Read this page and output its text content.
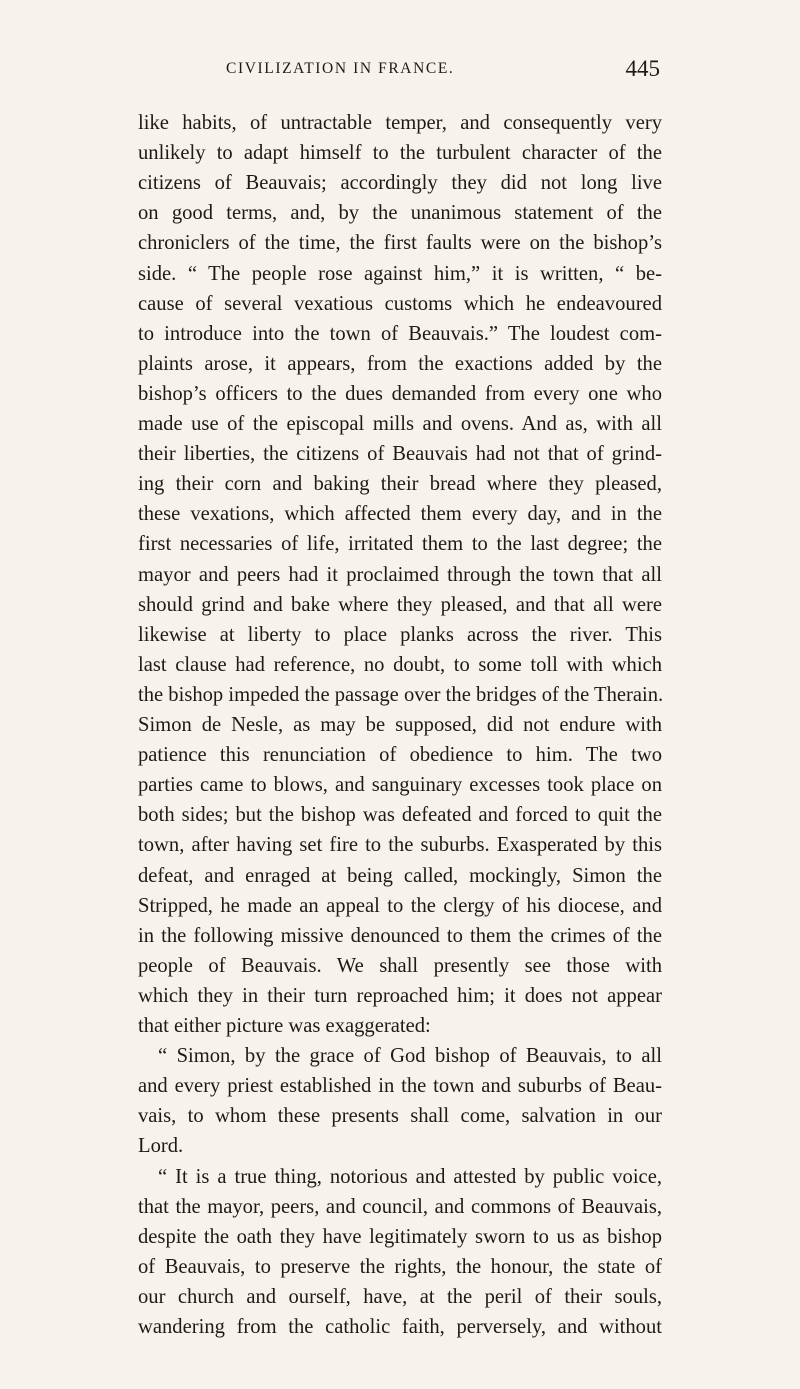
CIVILIZATION IN FRANCE.	445
like habits, of untractable temper, and consequently very
unlikely to adapt himself to the turbulent character of the
citizens of Beauvais; accordingly they did not long live
on good terms, and, by the unanimous statement of the
chroniclers of the time, the first faults were on the bishop’s
side. “ The people rose against him,” it is written, “ be-
cause of several vexatious customs which he endeavoured
to introduce into the town of Beauvais.” The loudest com-
plaints arose, it appears, from the exactions added by the
bishop’s officers to the dues demanded from every one who
made use of the episcopal mills and ovens. And as, with all
their liberties, the citizens of Beauvais had not that of grind-
ing their corn and baking their bread where they pleased,
these vexations, which affected them every day, and in the
first necessaries of life, irritated them to the last degree; the
mayor and peers had it proclaimed through the town that all
should grind and bake where they pleased, and that all were
likewise at liberty to place planks across the river. This
last clause had reference, no doubt, to some toll with which
the bishop impeded the passage over the bridges of the Therain.
Simon de Nesle, as may be supposed, did not endure with
patience this renunciation of obedience to him. The two
parties came to blows, and sanguinary excesses took place on
both sides; but the bishop was defeated and forced to quit the
town, after having set fire to the suburbs. Exasperated by this
defeat, and enraged at being called, mockingly, Simon the
Stripped, he made an appeal to the clergy of his diocese, and
in the following missive denounced to them the crimes of the
people of Beauvais. We shall presently see those with
which they in their turn reproached him; it does not appear
that either picture was exaggerated:
“ Simon, by the grace of God bishop of Beauvais, to all
and every priest established in the town and suburbs of Beau-
vais, to whom these presents shall come, salvation in our
Lord.
“ It is a true thing, notorious and attested by public voice,
that the mayor, peers, and council, and commons of Beauvais,
despite the oath they have legitimately sworn to us as bishop
of Beauvais, to preserve the rights, the honour, the state of
our church and ourself, have, at the peril of their souls,
wandering from the catholic faith, perversely, and without
